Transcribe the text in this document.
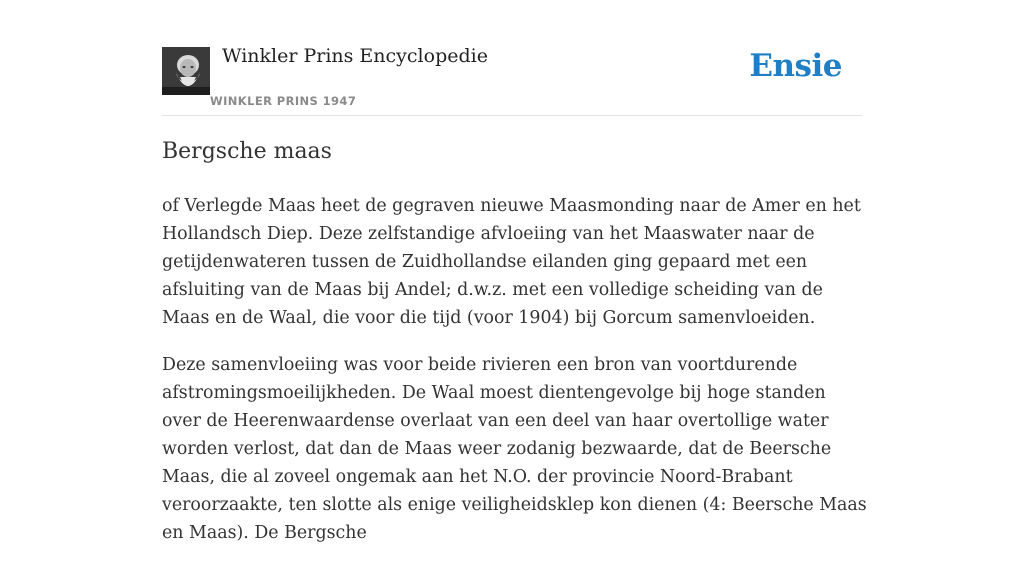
Winkler Prins Encyclopedie
WINKLER PRINS 1947
Ensie
Bergsche maas

of Verlegde Maas heet de gegraven nieuwe Maasmonding naar de Amer en het Hollandsch Diep. Deze zelfstandige afvloeiing van het Maaswater naar de getijdenwateren tussen de Zuidhollandse eilanden ging gepaard met een afsluiting van de Maas bij Andel; d.w.z. met een volledige scheiding van de Maas en de Waal, die voor die tijd (voor 1904) bij Gorcum samenvloeiden.

Deze samenvloeiing was voor beide rivieren een bron van voortdurende afstromingsmoeilijkheden. De Waal moest dientengevolge bij hoge standen over de Heerenwaardense overlaat van een deel van haar overtollige water worden verlost, dat dan de Maas weer zodanig bezwaarde, dat de Beersche Maas, die al zoveel ongemak aan het N.O. der provincie Noord-Brabant veroorzaakte, ten slotte als enige veiligheidsklep kon dienen (4: Beersche Maas en Maas). De Bergsche
